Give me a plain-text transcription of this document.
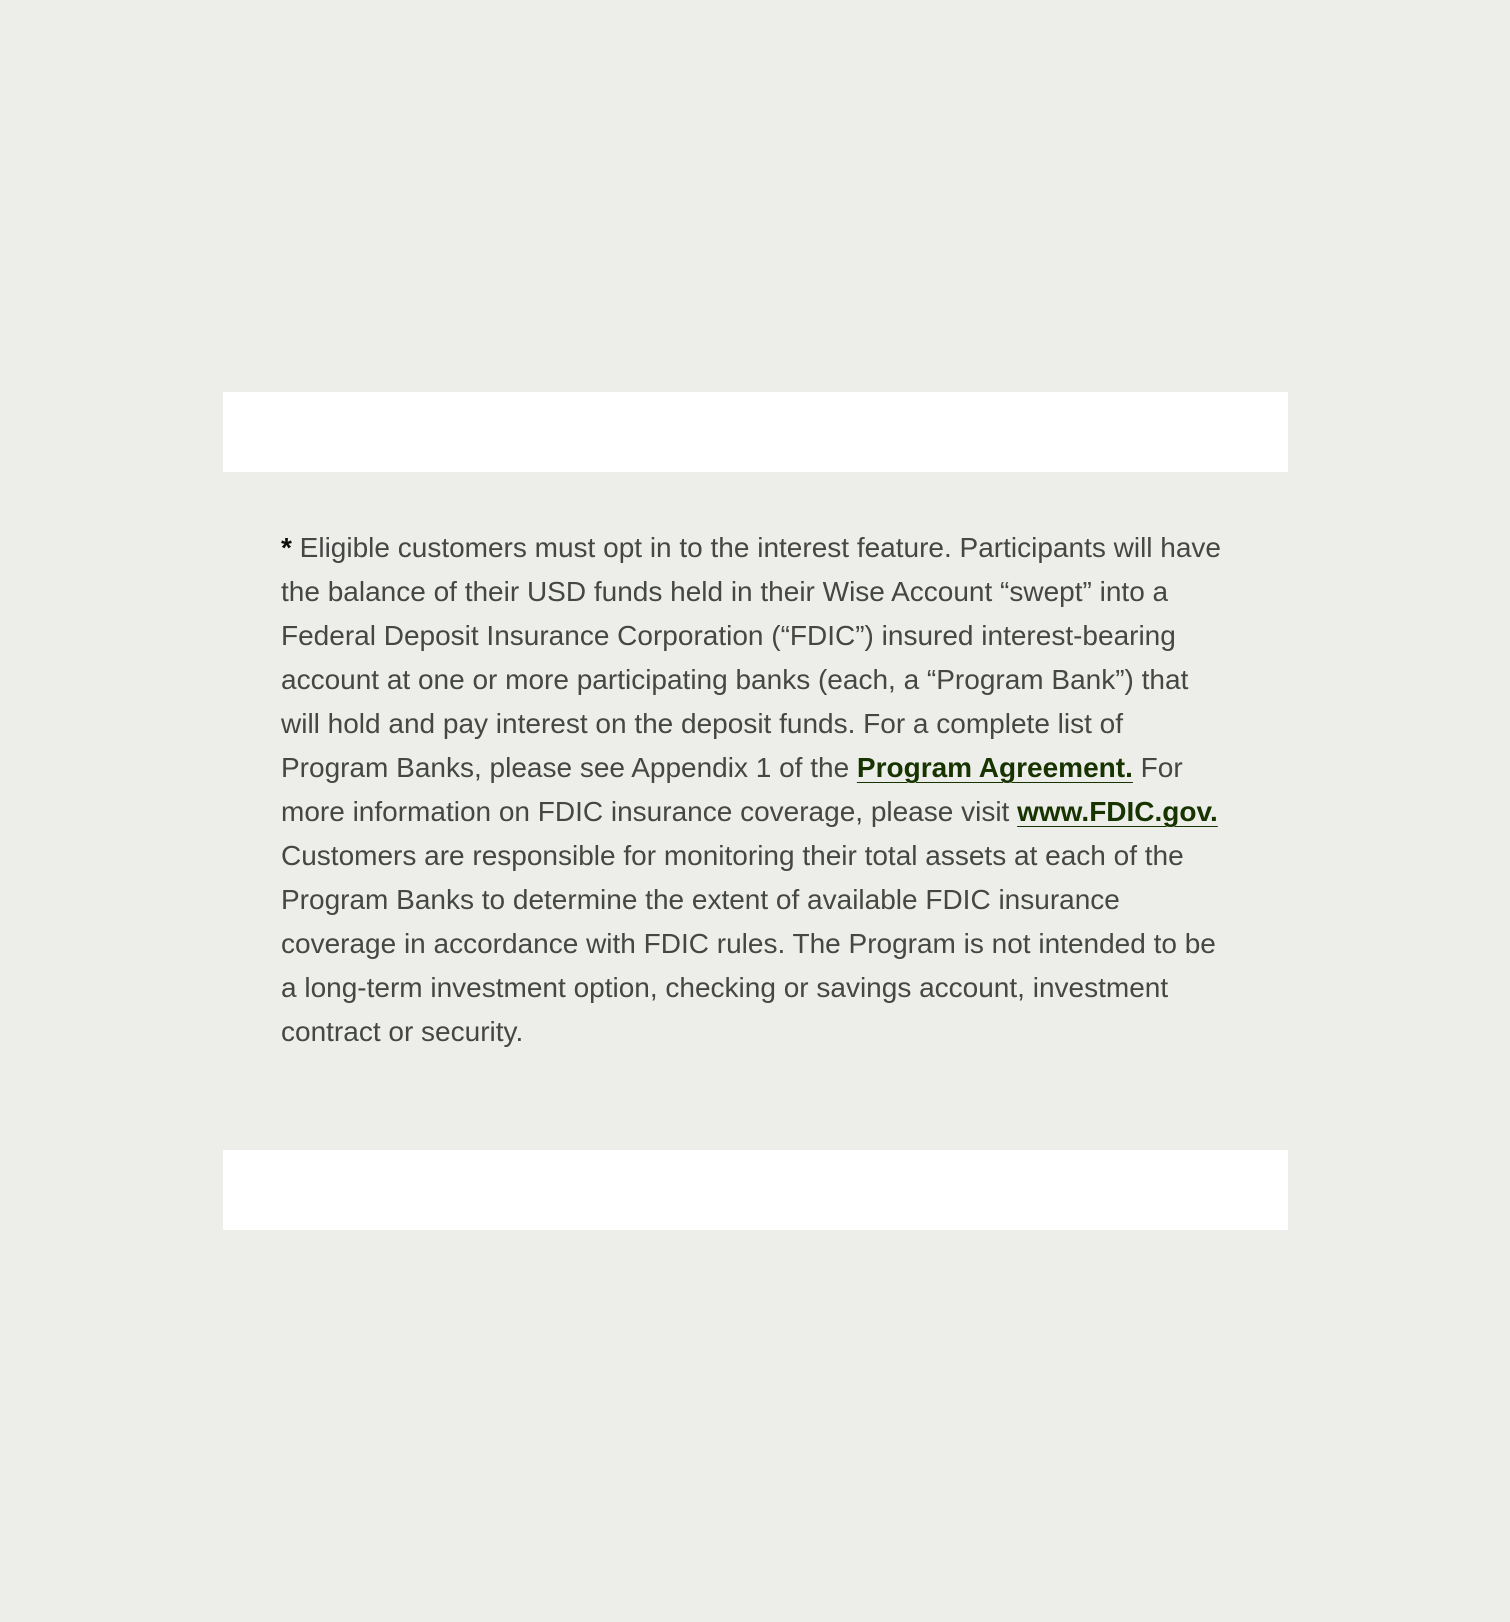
* Eligible customers must opt in to the interest feature. Participants will have the balance of their USD funds held in their Wise Account “swept” into a Federal Deposit Insurance Corporation (“FDIC”) insured interest-bearing account at one or more participating banks (each, a “Program Bank”) that will hold and pay interest on the deposit funds. For a complete list of Program Banks, please see Appendix 1 of the Program Agreement. For more information on FDIC insurance coverage, please visit www.FDIC.gov. Customers are responsible for monitoring their total assets at each of the Program Banks to determine the extent of available FDIC insurance coverage in accordance with FDIC rules. The Program is not intended to be a long-term investment option, checking or savings account, investment contract or security.
